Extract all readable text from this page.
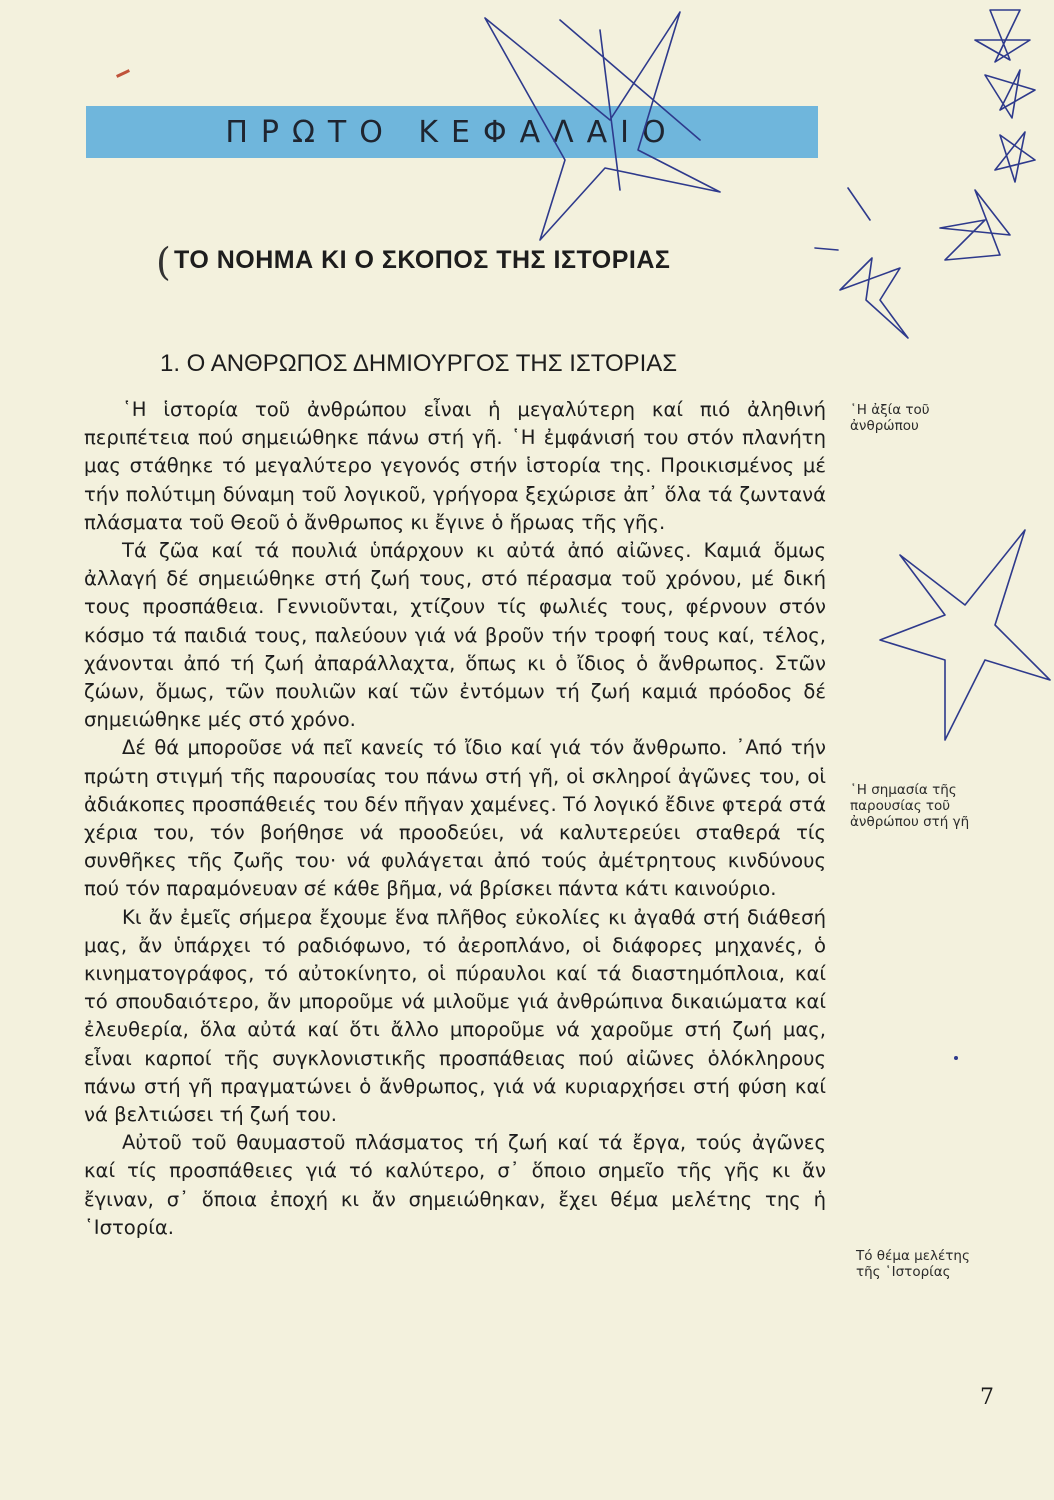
ΠΡΩΤΟ ΚΕΦΑΛΑΙΟ
( ΤΟ ΝΟΗΜΑ ΚΙ Ο ΣΚΟΠΟΣ ΤΗΣ ΙΣΤΟΡΙΑΣ
1. Ο ΑΝΘΡΩΠΟΣ ΔΗΜΙΟΥΡΓΟΣ ΤΗΣ ΙΣΤΟΡΙΑΣ

῾Η ἱστορία τοῦ ἀνθρώπου εἶναι ἡ μεγαλύτερη καί πιό ἀληθινή περιπέτεια πού σημειώθηκε πάνω στή γῆ. ῾Η ἐμφάνισή του στόν πλανήτη μας στάθηκε τό μεγαλύτερο γεγονός στήν ἱστορία της. Προικισμένος μέ τήν πολύτιμη δύναμη τοῦ λογικοῦ, γρήγορα ξεχώρισε ἀπ᾿ ὅλα τά ζωντανά πλάσματα τοῦ Θεοῦ ὁ ἄνθρωπος κι ἔγινε ὁ ἥρωας τῆς γῆς.

Τά ζῶα καί τά πουλιά ὑπάρχουν κι αὐτά ἀπό αἰῶνες. Καμιά ὅμως ἀλλαγή δέ σημειώθηκε στή ζωή τους, στό πέρασμα τοῦ χρόνου, μέ δική τους προσπάθεια. Γεννιοῦνται, χτίζουν τίς φωλιές τους, φέρνουν στόν κόσμο τά παιδιά τους, παλεύουν γιά νά βροῦν τήν τροφή τους καί, τέλος, χάνονται ἀπό τή ζωή ἀπαράλλαχτα, ὅπως κι ὁ ἴδιος ὁ ἄνθρωπος. Στῶν ζώων, ὅμως, τῶν πουλιῶν καί τῶν ἐντόμων τή ζωή καμιά πρόοδος δέ σημειώθηκε μές στό χρόνο.

Δέ θά μποροῦσε νά πεῖ κανείς τό ἴδιο καί γιά τόν ἄνθρωπο. ᾿Από τήν πρώτη στιγμή τῆς παρουσίας του πάνω στή γῆ, οἱ σκληροί ἀγῶνες του, οἱ ἀδιάκοπες προσπάθειές του δέν πῆγαν χαμένες. Τό λογικό ἔδινε φτερά στά χέρια του, τόν βοήθησε νά προοδεύει, νά καλυτερεύει σταθερά τίς συνθῆκες τῆς ζωῆς του· νά φυλάγεται ἀπό τούς ἀμέτρητους κινδύνους πού τόν παραμόνευαν σέ κάθε βῆμα, νά βρίσκει πάντα κάτι καινούριο.

Κι ἄν ἐμεῖς σήμερα ἔχουμε ἕνα πλῆθος εὐκολίες κι ἀγαθά στή διάθεσή μας, ἄν ὑπάρχει τό ραδιόφωνο, τό ἀεροπλάνο, οἱ διάφορες μηχανές, ὁ κινηματογράφος, τό αὐτοκίνητο, οἱ πύραυλοι καί τά διαστημόπλοια, καί τό σπουδαιότερο, ἄν μποροῦμε νά μιλοῦμε γιά ἀνθρώπινα δικαιώματα καί ἐλευθερία, ὅλα αὐτά καί ὅτι ἄλλο μποροῦμε νά χαροῦμε στή ζωή μας, εἶναι καρποί τῆς συγκλονιστικῆς προσπάθειας πού αἰῶνες ὁλόκληρους πάνω στή γῆ πραγματώνει ὁ ἄνθρωπος, γιά νά κυριαρχήσει στή φύση καί νά βελτιώσει τή ζωή του.

Αὐτοῦ τοῦ θαυμαστοῦ πλάσματος τή ζωή καί τά ἔργα, τούς ἀγῶνες καί τίς προσπάθειες γιά τό καλύτερο, σ᾿ ὅποιο σημεῖο τῆς γῆς κι ἄν ἔγιναν, σ᾿ ὅποια ἐποχή κι ἄν σημειώθηκαν, ἔχει θέμα μελέτης της ἡ ῾Ιστορία.

῾Η ἀξία τοῦ ἀνθρώπου
῾Η σημασία τῆς παρουσίας τοῦ ἀνθρώπου στή γῆ
Τό θέμα μελέτης τῆς ῾Ιστορίας
7
